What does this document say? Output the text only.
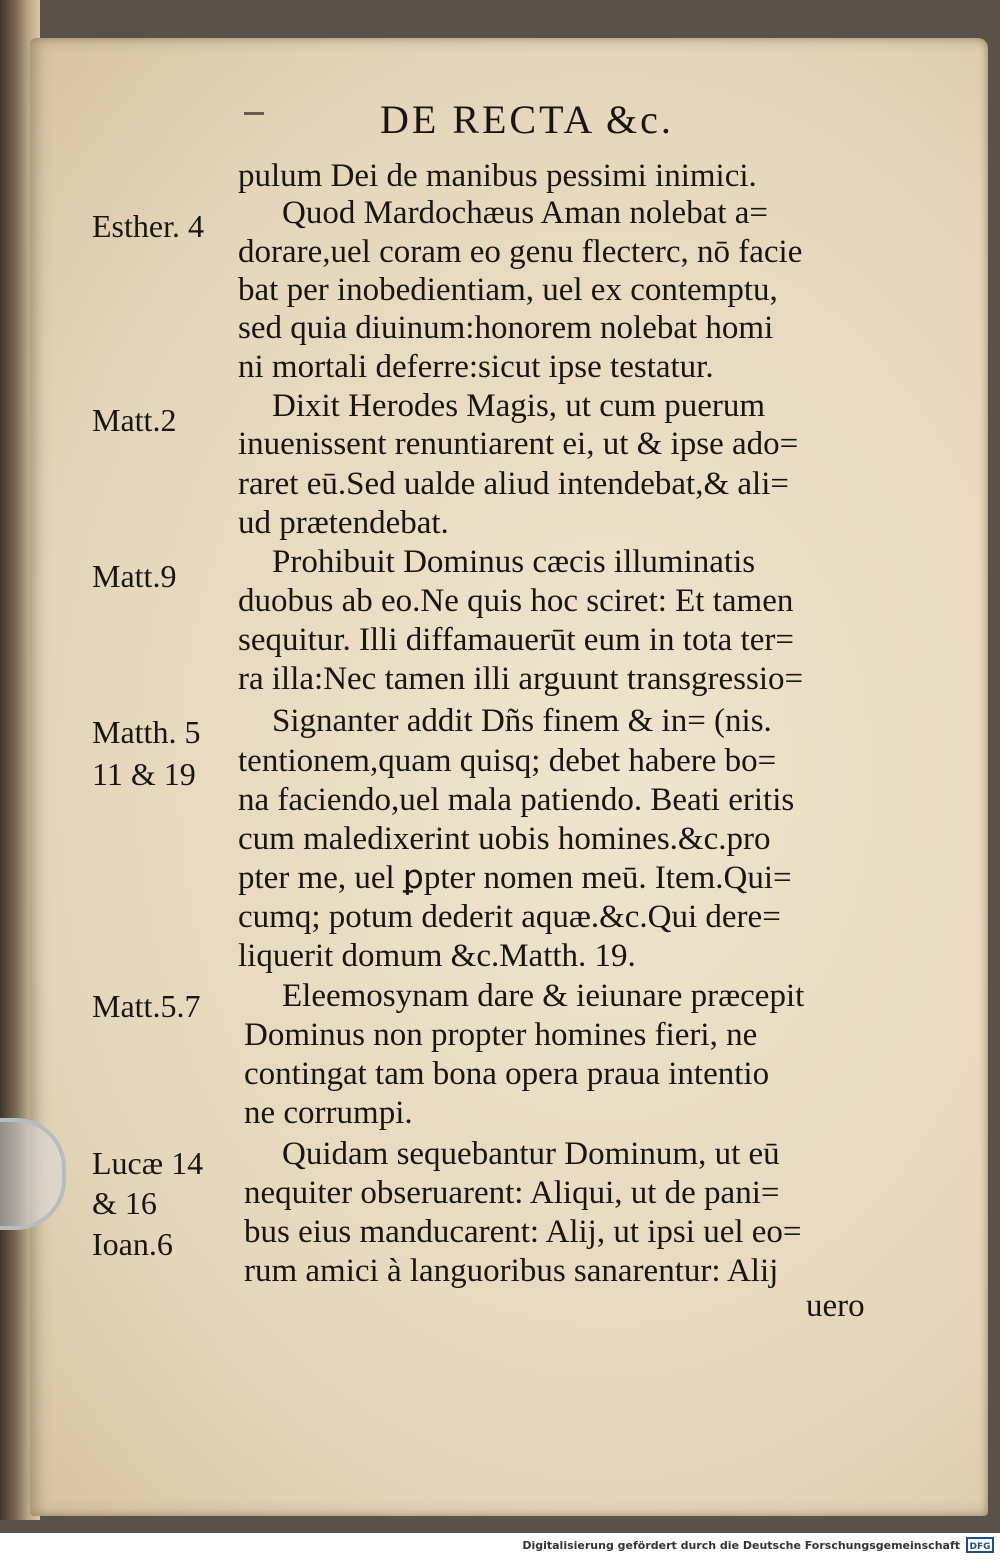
DE RECTA &c.
Esther. 4
Matt.2
Matt.9
Matth. 5
11 & 19
Matt.5.7
Lucæ 14
& 16
Ioan.6
pulum Dei de manibus pessimi inimici.
Quod Mardochæus Aman nolebat a=
dorare,uel coram eo genu flecterc, nō facie
bat per inobedientiam, uel ex contemptu,
sed quia diuinum:honorem nolebat homi
ni mortali deferre:sicut ipse testatur.
Dixit Herodes Magis, ut cum puerum
inuenissent renuntiarent ei, ut & ipse ado=
raret eū.Sed ualde aliud intendebat,& ali=
ud prætendebat.
Prohibuit Dominus cæcis illuminatis
duobus ab eo.Ne quis hoc sciret: Et tamen
sequitur. Illi diffamauerūt eum in tota ter=
ra illa:Nec tamen illi arguunt transgressio=
Signanter addit Dñs finem & in= (nis.
tentionem,quam quisq; debet habere bo=
na faciendo,uel mala patiendo. Beati eritis
cum maledixerint uobis homines.&c.pro
pter me, uel ꝑpter nomen meū. Item.Qui=
cumq; potum dederit aquæ.&c.Qui dere=
liquerit domum &c.Matth. 19.
Eleemosynam dare & ieiunare præcepit
Dominus non propter homines fieri, ne
contingat tam bona opera praua intentio
ne corrumpi.
Quidam sequebantur Dominum, ut eū
nequiter obseruarent: Aliqui, ut de pani=
bus eius manducarent: Alij, ut ipsi uel eo=
rum amici à languoribus sanarentur: Alij
uero
Digitalisierung gefördert durch die Deutsche Forschungsgemeinschaft	DFG
